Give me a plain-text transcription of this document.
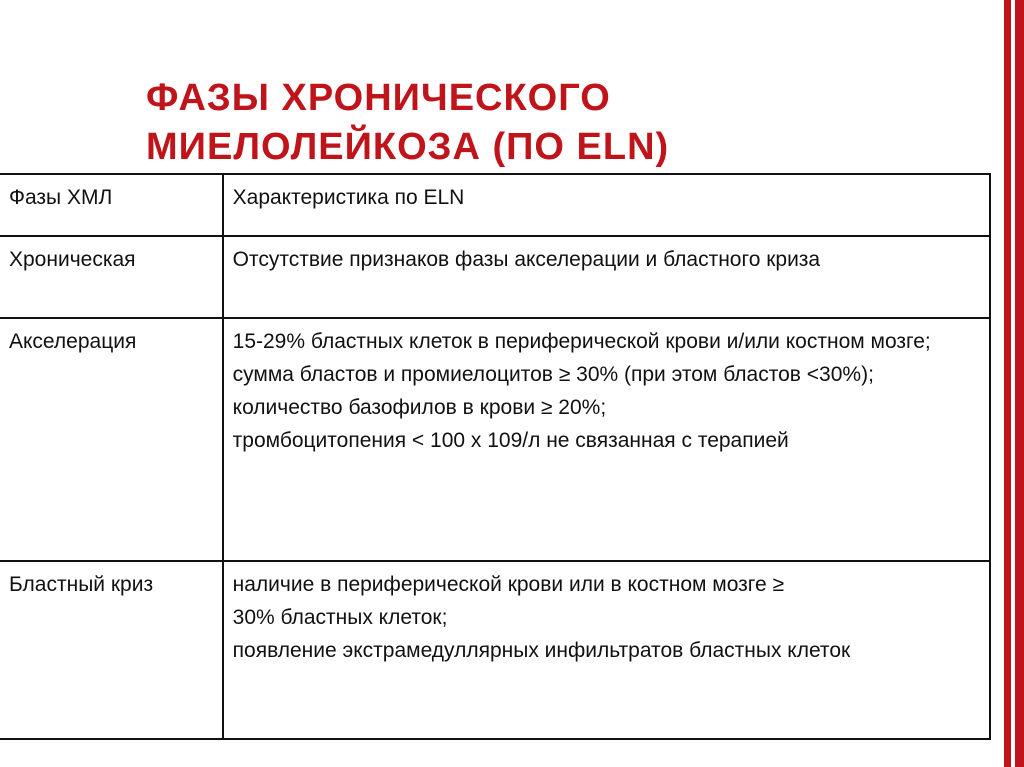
ФАЗЫ ХРОНИЧЕСКОГО
МИЕЛОЛЕЙКОЗА (ПО ELN)
Фазы ХМЛ	Характеристика по ELN
Хроническая	Отсутствие признаков фазы акселерации и бластного криза

Акселерация	15-29% бластных клеток в периферической крови и/или костном мозге;
сумма бластов и промиелоцитов ≥ 30% (при этом бластов <30%);
количество базофилов в крови ≥ 20%;
тромбоцитопения < 100 x 109/л не связанная с терапией

Бластный криз	наличие в периферической крови или в костном мозге ≥
30% бластных клеток;
появление экстрамедуллярных инфильтратов бластных клеток
